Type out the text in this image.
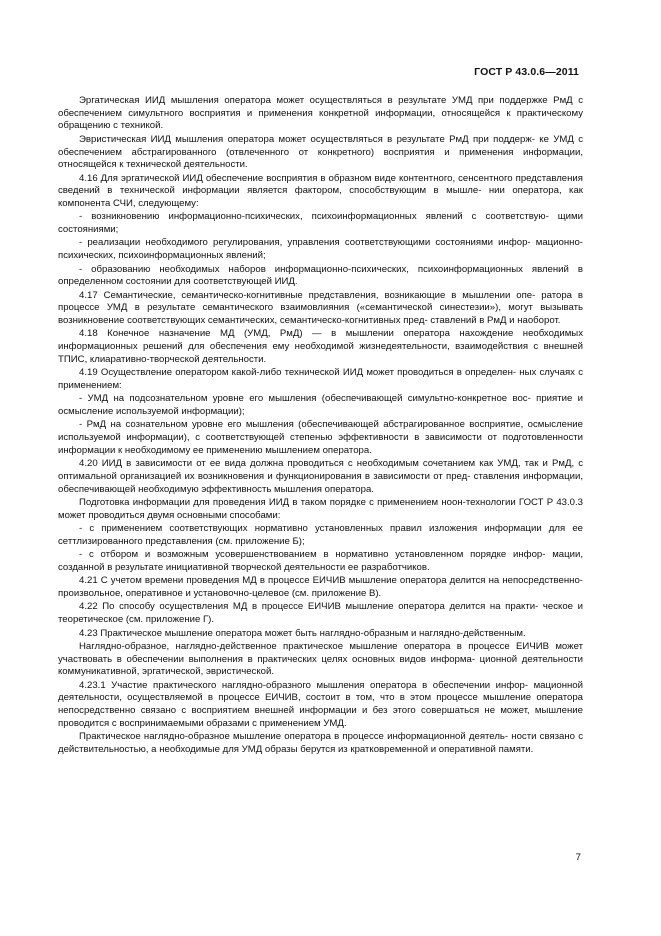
ГОСТ Р 43.0.6—2011

Эргатическая ИИД мышления оператора может осуществляться в результате УМД при поддержке РмД с обеспечением симультного восприятия и применения конкретной информации, относящейся к практическому обращению с техникой.

Эвристическая ИИД мышления оператора может осуществляться в результате РмД при поддерж- ке УМД с обеспечением абстрагированного (отвлеченного от конкретного) восприятия и применения информации, относящейся к технической деятельности.

4.16 Для эргатической ИИД обеспечение восприятия в образном виде контентного, сенсентного представления сведений в технической информации является фактором, способствующим в мышле- нии оператора, как компонента СЧИ, следующему:

- возникновению информационно-психических, психоинформационных явлений с соответствую- щими состояниями;

- реализации необходимого регулирования, управления соответствующими состояниями инфор- мационно-психических, психоинформационных явлений;

- образованию необходимых наборов информационно-психических, психоинформационных явлений в определенном состоянии для соответствующей ИИД.

4.17 Семантические, семантическо-когнитивные представления, возникающие в мышлении опе- ратора в процессе УМД в результате семантического взаимовлияния («семантической синестезии»), могут вызывать возникновение соответствующих семантических, семантическо-когнитивных пред- ставлений в РмД и наоборот.

4.18 Конечное назначение МД (УМД, РмД) — в мышлении оператора нахождение необходимых информационных решений для обеспечения ему необходимой жизнедеятельности, взаимодействия с внешней ТПИС, клиаративно-творческой деятельности.

4.19 Осуществление оператором какой-либо технической ИИД может проводиться в определен- ных случаях с применением:

- УМД на подсознательном уровне его мышления (обеспечивающей симультно-конкретное вос- приятие и осмысление используемой информации);

- РмД на сознательном уровне его мышления (обеспечивающей абстрагированное восприятие, осмысление используемой информации), с соответствующей степенью эффективности в зависимости от подготовленности информации к необходимому ее применению мышлением оператора.

4.20 ИИД в зависимости от ее вида должна проводиться с необходимым сочетанием как УМД, так и РмД, с оптимальной организацией их возникновения и функционирования в зависимости от пред- ставления информации, обеспечивающей необходимую эффективность мышления оператора.

Подготовка информации для проведения ИИД в таком порядке с применением ноон-технологии ГОСТ Р 43.0.3 может проводиться двумя основными способами:

- с применением соответствующих нормативно установленных правил изложения информации для ее сеттлизированного представления (см. приложение Б);

- с отбором и возможным усовершенствованием в нормативно установленном порядке инфор- мации, созданной в результате инициативной творческой деятельности ее разработчиков.

4.21 С учетом времени проведения МД в процессе ЕИЧИВ мышление оператора делится на непосредственно-произвольное, оперативное и установочно-целевое (см. приложение В).

4.22 По способу осуществления МД в процессе ЕИЧИВ мышление оператора делится на практи- ческое и теоретическое (см. приложение Г).

4.23 Практическое мышление оператора может быть наглядно-образным и наглядно-действенным.

Наглядно-образное, наглядно-действенное практическое мышление оператора в процессе ЕИЧИВ может участвовать в обеспечении выполнения в практических целях основных видов информа- ционной деятельности коммуникативной, эргатической, эвристической.

4.23.1 Участие практического наглядно-образного мышления оператора в обеспечении инфор- мационной деятельности, осуществляемой в процессе ЕИЧИВ, состоит в том, что в этом процессе мышление оператора непосредственно связано с восприятием внешней информации и без этого совершаться не может, мышление проводится с воспринимаемыми образами с применением УМД.

Практическое наглядно-образное мышление оператора в процессе информационной деятель- ности связано с действительностью, а необходимые для УМД образы берутся из кратковременной и оперативной памяти.

7
